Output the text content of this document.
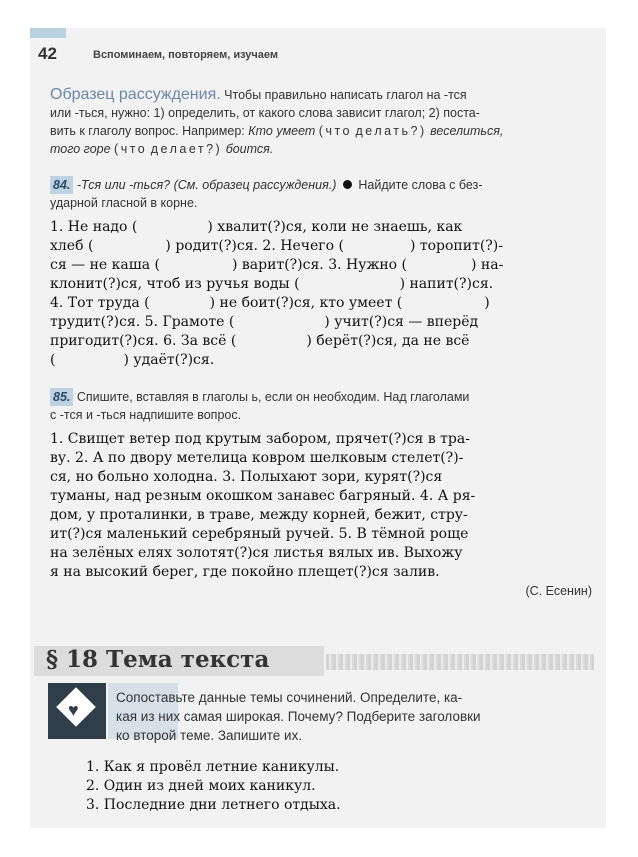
42	Вспоминаем, повторяем, изучаем
Образец рассуждения. Чтобы правильно написать глагол на -тся
или -ться, нужно: 1) определить, от какого слова зависит глагол; 2) поста-
вить к глаголу вопрос. Например: Кто умеет (что делать?) веселиться,
того горе (что делает?) боится.
84. -Тся или -ться? (См. образец рассуждения.) Найдите слова с без-
ударной гласной в корне.
1. Не надо (	) хвалит(?)ся, коли не знаешь, как
хлеб (	) родит(?)ся. 2. Нечего (	) торопит(?)-
ся — не каша (	) варит(?)ся. 3. Нужно (	) на-
клонит(?)ся, чтоб из ручья воды (	) напит(?)ся.
4. Тот труда (	) не боит(?)ся, кто умеет (	)
трудит(?)ся. 5. Грамоте (	) учит(?)ся — вперёд
пригодит(?)ся. 6. За всё (	) берёт(?)ся, да не всё
(	) удаёт(?)ся.
85. Спишите, вставляя в глаголы ь, если он необходим. Над глаголами
с -тся и -ться надпишите вопрос.
1. Свищет ветер под крутым забором, прячет(?)ся в тра-
ву. 2. А по двору метелица ковром шелковым стелет(?)-
ся, но больно холодна. 3. Полыхают зори, курят(?)ся
туманы, над резным окошком занавес багряный. 4. А ря-
дом, у проталинки, в траве, между корней, бежит, стру-
ит(?)ся маленький серебряный ручей. 5. В тёмной роще
на зелёных елях золотят(?)ся листья вялых ив. Выхожу
я на высокий берег, где покойно плещет(?)ся залив.
(С. Есенин)
§ 18 Тема текста
♥
Сопоставьте данные темы сочинений. Определите, ка-
кая из них самая широкая. Почему? Подберите заголовки
ко второй теме. Запишите их.
1. Как я провёл летние каникулы.
2. Один из дней моих каникул.
3. Последние дни летнего отдыха.
